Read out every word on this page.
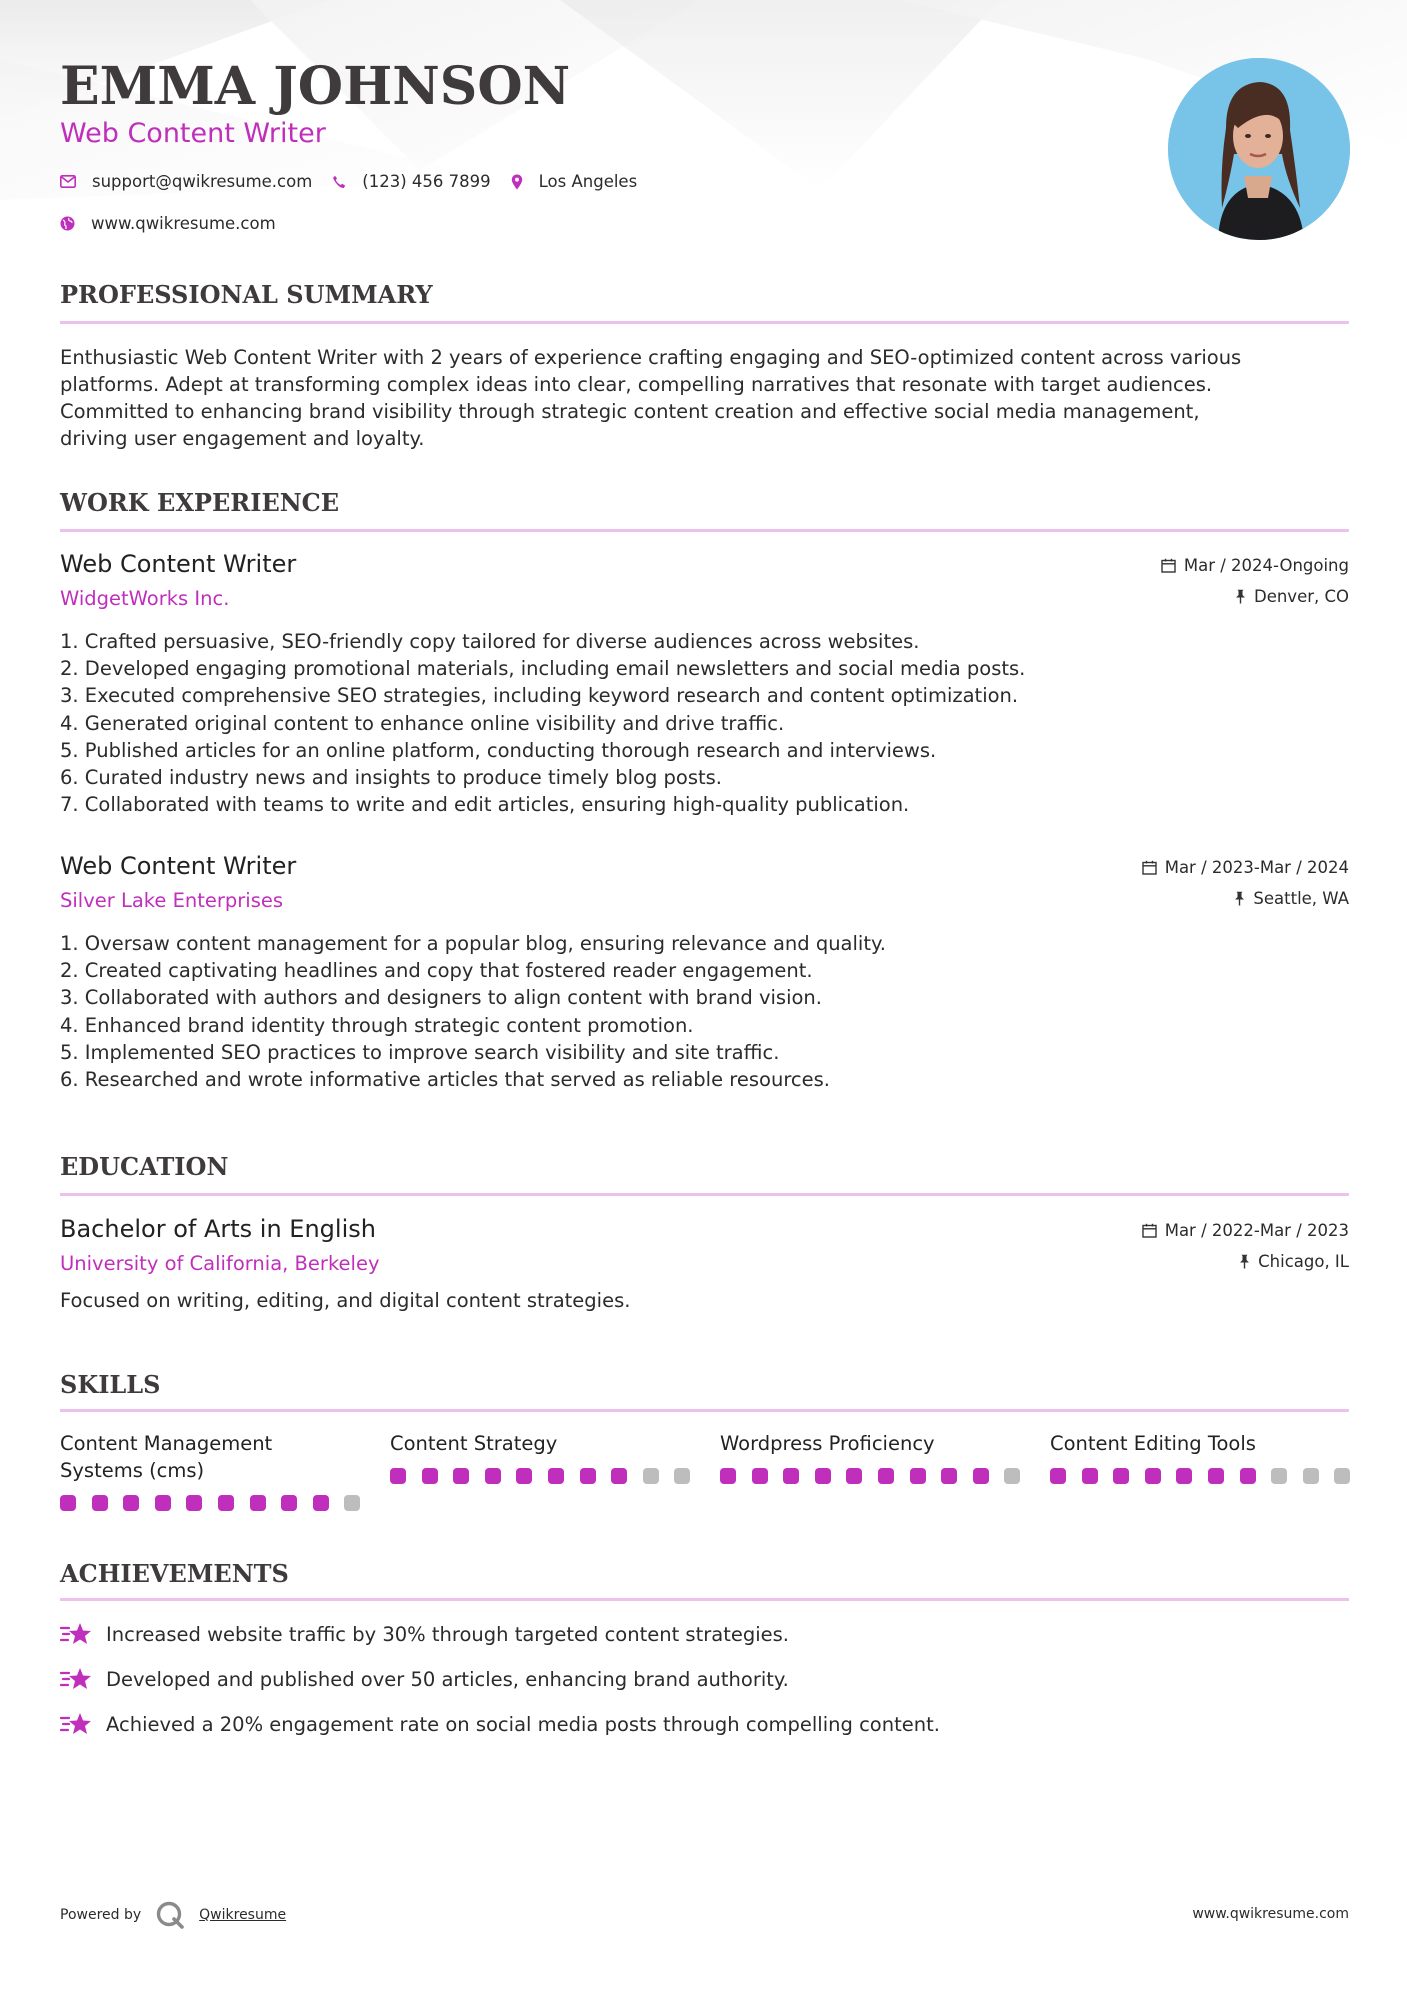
EMMA JOHNSON
Web Content Writer
support@qwikresume.com	(123) 456 7899	Los Angeles
www.qwikresume.com
PROFESSIONAL SUMMARY
Enthusiastic Web Content Writer with 2 years of experience crafting engaging and SEO-optimized content across various
platforms. Adept at transforming complex ideas into clear, compelling narratives that resonate with target audiences.
Committed to enhancing brand visibility through strategic content creation and effective social media management,
driving user engagement and loyalty.
WORK EXPERIENCE
Web Content Writer
WidgetWorks Inc.
Mar / 2024-Ongoing
Denver, CO
1. Crafted persuasive, SEO-friendly copy tailored for diverse audiences across websites.
2. Developed engaging promotional materials, including email newsletters and social media posts.
3. Executed comprehensive SEO strategies, including keyword research and content optimization.
4. Generated original content to enhance online visibility and drive traffic.
5. Published articles for an online platform, conducting thorough research and interviews.
6. Curated industry news and insights to produce timely blog posts.
7. Collaborated with teams to write and edit articles, ensuring high-quality publication.
Web Content Writer
Silver Lake Enterprises
Mar / 2023-Mar / 2024
Seattle, WA
1. Oversaw content management for a popular blog, ensuring relevance and quality.
2. Created captivating headlines and copy that fostered reader engagement.
3. Collaborated with authors and designers to align content with brand vision.
4. Enhanced brand identity through strategic content promotion.
5. Implemented SEO practices to improve search visibility and site traffic.
6. Researched and wrote informative articles that served as reliable resources.
EDUCATION
Bachelor of Arts in English
University of California, Berkeley
Mar / 2022-Mar / 2023
Chicago, IL
Focused on writing, editing, and digital content strategies.
SKILLS
Content Management
Systems (cms)
Content Strategy	Wordpress Proficiency	Content Editing Tools
ACHIEVEMENTS
Increased website traffic by 30% through targeted content strategies.
Developed and published over 50 articles, enhancing brand authority.
Achieved a 20% engagement rate on social media posts through compelling content.
Powered by	Qwikresume	www.qwikresume.com
